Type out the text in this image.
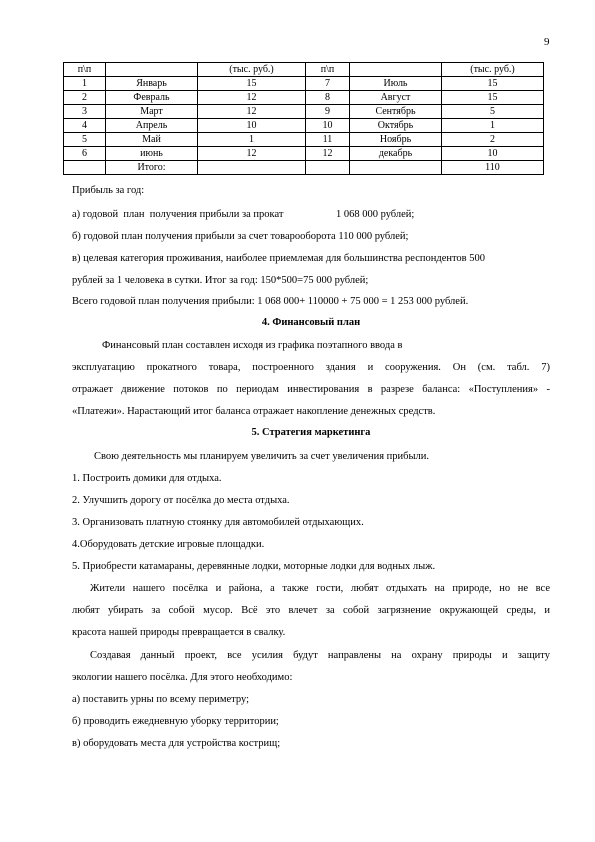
9
п\п		(тыс. руб.)	п\п		(тыс. руб.)
1	Январь	15	7	Июль	15
2	Февраль	12	8	Август	15
3	Март	12	9	Сентябрь	5
4	Апрель	10	10	Октябрь	1
5	Май	1	11	Ноябрь	2
6	июнь	12	12	декабрь	10
	Итого:				110
Прибыль за год:
а) годовой  план  получения прибыли за прокат                    1 068 000 рублей;
б) годовой план получения прибыли за счет товарооборота 110 000 рублей;
в) целевая категория проживания, наиболее приемлемая для большинства респондентов 500
рублей за 1 человека в сутки. Итог за год: 150*500=75 000 рублей;
Всего годовой план получения прибыли: 1 068 000+ 110000 + 75 000 = 1 253 000 рублей.
4. Финансовый план
Финансовый план составлен исходя из графика поэтапного ввода в
эксплуатацию прокатного товара, построенного здания и сооружения. Он (см. табл. 7)
отражает движение потоков по периодам инвестирования в разрезе баланса: «Поступления» -
«Платежи». Нарастающий итог баланса отражает накопление денежных средств.
5. Стратегия маркетинга
Свою деятельность мы планируем увеличить за счет увеличения прибыли.
1. Построить домики для отдыха.
2. Улучшить дорогу от посёлка до места отдыха.
3. Организовать платную стоянку для автомобилей отдыхающих.
4.Оборудовать детские игровые площадки.
5. Приобрести катамараны, деревянные лодки, моторные лодки для водных лыж.
Жители нашего посёлка и района, а также гости, любят отдыхать на природе, но не все
любят убирать за собой мусор. Всё это влечет за собой загрязнение окружающей среды, и
красота нашей природы превращается в свалку.
Создавая данный проект, все усилия будут направлены на охрану природы и защиту
экологии нашего посёлка. Для этого необходимо:
а) поставить урны по всему периметру;
б) проводить ежедневную уборку территории;
в) оборудовать места для устройства кострищ;
